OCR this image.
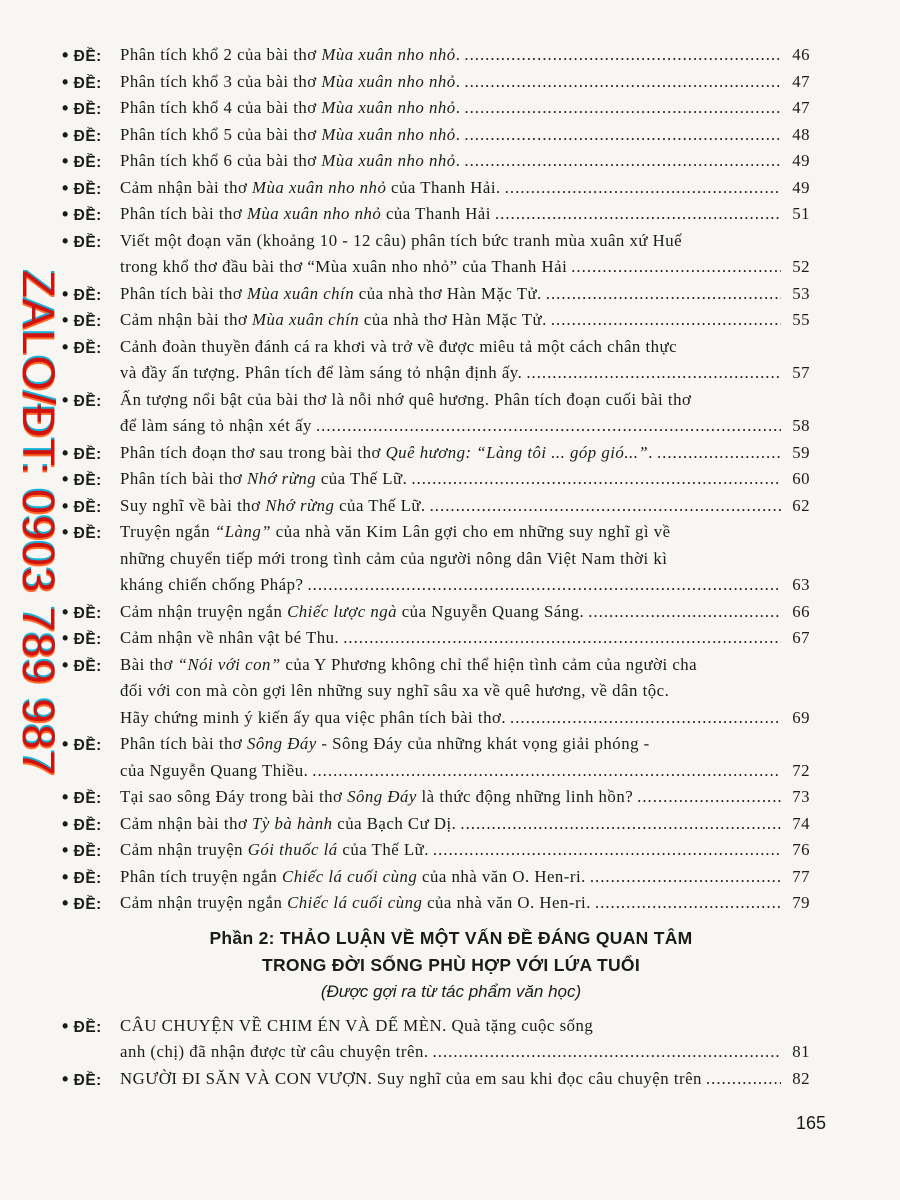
ZALO/ĐT: 0903 789 987
• ĐỀ: Phân tích khổ 2 của bài thơ Mùa xuân nho nhỏ. .....	46
• ĐỀ: Phân tích khổ 3 của bài thơ Mùa xuân nho nhỏ. .....	47
• ĐỀ: Phân tích khổ 4 của bài thơ Mùa xuân nho nhỏ. .....	47
• ĐỀ: Phân tích khổ 5 của bài thơ Mùa xuân nho nhỏ. .....	48
• ĐỀ: Phân tích khổ 6 của bài thơ Mùa xuân nho nhỏ. .....	49
• ĐỀ: Cảm nhận bài thơ Mùa xuân nho nhỏ của Thanh Hải. .....	49
• ĐỀ: Phân tích bài thơ Mùa xuân nho nhỏ của Thanh Hải .....	51
• ĐỀ: Viết một đoạn văn (khoảng 10 - 12 câu) phân tích bức tranh mùa xuân xứ Huế
trong khổ thơ đầu bài thơ “Mùa xuân nho nhỏ” của Thanh Hải .....	52
• ĐỀ: Phân tích bài thơ Mùa xuân chín của nhà thơ Hàn Mặc Tử. .....	53
• ĐỀ: Cảm nhận bài thơ Mùa xuân chín của nhà thơ Hàn Mặc Tử. .....	55
• ĐỀ: Cảnh đoàn thuyền đánh cá ra khơi và trở về được miêu tả một cách chân thực
và đầy ấn tượng. Phân tích để làm sáng tỏ nhận định ấy. .....	57
• ĐỀ: Ấn tượng nổi bật của bài thơ là nỗi nhớ quê hương. Phân tích đoạn cuối bài thơ
để làm sáng tỏ nhận xét ấy .....	58
• ĐỀ: Phân tích đoạn thơ sau trong bài thơ Quê hương: “Làng tôi ... góp gió...”. .....	59
• ĐỀ: Phân tích bài thơ Nhớ rừng của Thế Lữ. .....	60
• ĐỀ: Suy nghĩ về bài thơ Nhớ rừng của Thế Lữ. .....	62
• ĐỀ: Truyện ngắn “Làng” của nhà văn Kim Lân gợi cho em những suy nghĩ gì về
những chuyển tiếp mới trong tình cảm của người nông dân Việt Nam thời kì
kháng chiến chống Pháp? .....	63
• ĐỀ: Cảm nhận truyện ngắn Chiếc lược ngà của Nguyễn Quang Sáng. .....	66
• ĐỀ: Cảm nhận về nhân vật bé Thu. .....	67
• ĐỀ: Bài thơ “Nói với con” của Y Phương không chỉ thể hiện tình cảm của người cha
đối với con mà còn gợi lên những suy nghĩ sâu xa về quê hương, về dân tộc.
Hãy chứng minh ý kiến ấy qua việc phân tích bài thơ. .....	69
• ĐỀ: Phân tích bài thơ Sông Đáy - Sông Đáy của những khát vọng giải phóng -
của Nguyễn Quang Thiều. .....	72
• ĐỀ: Tại sao sông Đáy trong bài thơ Sông Đáy là thức động những linh hồn? .....	73
• ĐỀ: Cảm nhận bài thơ Tỳ bà hành của Bạch Cư Dị. .....	74
• ĐỀ: Cảm nhận truyện Gói thuốc lá của Thế Lữ. .....	76
• ĐỀ: Phân tích truyện ngắn Chiếc lá cuối cùng của nhà văn O. Hen-ri. .....	77
• ĐỀ: Cảm nhận truyện ngắn Chiếc lá cuối cùng của nhà văn O. Hen-ri. .....	79
Phần 2: THẢO LUẬN VỀ MỘT VẤN ĐỀ ĐÁNG QUAN TÂM
TRONG ĐỜI SỐNG PHÙ HỢP VỚI LỨA TUỔI
(Được gợi ra từ tác phẩm văn học)
• ĐỀ: CÂU CHUYỆN VỀ CHIM ÉN VÀ DẾ MÈN. Quà tặng cuộc sống
anh (chị) đã nhận được từ câu chuyện trên. .....	81
• ĐỀ: NGƯỜI ĐI SĂN VÀ CON VƯỢN. Suy nghĩ của em sau khi đọc câu chuyện trên .....	82
165
